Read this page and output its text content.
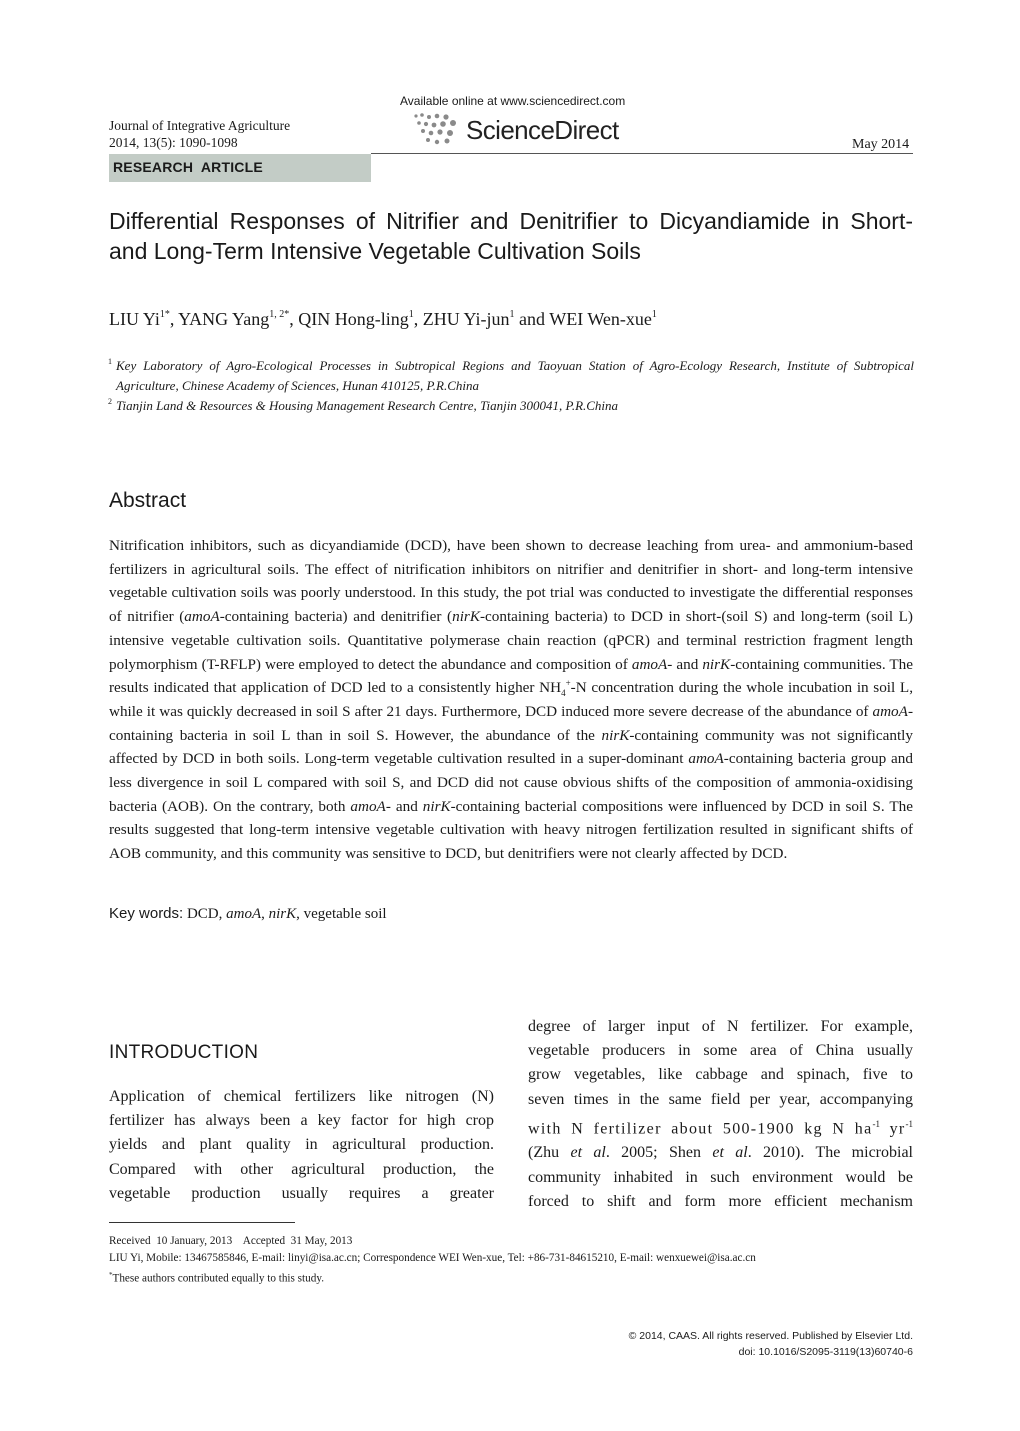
Journal of Integrative Agriculture
2014, 13(5): 1090-1098
Available online at www.sciencedirect.com
ScienceDirect	May 2014
RESEARCH  ARTICLE
Differential Responses of Nitrifier and Denitrifier to Dicyandiamide in Short- and Long-Term Intensive Vegetable Cultivation Soils
LIU $Yi^{1*}$, YANG Yang$^{1, 2*}$, QIN Hong-ling$^1$, ZHU Yi-jun$^1$ and WEI Wen-xue$^1$
1 Key Laboratory of Agro-Ecological Processes in Subtropical Regions and Taoyuan Station of Agro-Ecology Research, Institute of Subtropical
Agriculture, Chinese Academy of Sciences, Hunan 410125, P.R.China
2 Tianjin Land & Resources & Housing Management Research Centre, Tianjin 300041, P.R.China
Abstract
Nitrification inhibitors, such as dicyandiamide (DCD), have been shown to decrease leaching from urea- and ammonium-based fertilizers in agricultural soils. The effect of nitrification inhibitors on nitrifier and denitrifier in short- and long-term intensive vegetable cultivation soils was poorly understood. In this study, the pot trial was conducted to investigate the differential responses of nitrifier (amoA-containing bacteria) and denitrifier (nirK-containing bacteria) to DCD in short-(soil S) and long-term (soil L) intensive vegetable cultivation soils. Quantitative polymerase chain reaction (qPCR) and terminal restriction fragment length polymorphism (T-RFLP) were employed to detect the abundance and composition of amoA- and nirK-containing communities. The results indicated that application of DCD led to a consistently higher $NH_4^+-N$ concentration during the whole incubation in soil L, while it was quickly decreased in soil S after 21 days. Furthermore, DCD induced more severe decrease of the abundance of amoA-containing bacteria in soil L than in soil S. However, the abundance of the nirK-containing community was not significantly affected by DCD in both soils. Long-term vegetable cultivation resulted in a super-dominant amoA-containing bacteria group and less divergence in soil L compared with soil S, and DCD did not cause obvious shifts of the composition of ammonia-oxidising bacteria (AOB). On the contrary, both amoA- and nirK-containing bacterial compositions were influenced by DCD in soil S. The results suggested that long-term intensive vegetable cultivation with heavy nitrogen fertilization resulted in significant shifts of AOB community, and this community was sensitive to DCD, but denitrifiers were not clearly affected by DCD.
Key words: DCD, amoA, nirK, vegetable soil
INTRODUCTION
Application of chemical fertilizers like nitrogen (N)
fertilizer has always been a key factor for high crop
yields and plant quality in agricultural production.
Compared with other agricultural production, the
vegetable production usually requires a greater
degree of larger input of N fertilizer. For example,
vegetable producers in some area of China usually
grow vegetables, like cabbage and spinach, five to
seven times in the same field per year, accompanying
with N fertilizer about 500-1900 kg N $ha^{-1}$ $yr^{-1}$
(Zhu et al. 2005; Shen et al. 2010). The microbial
community inhabited in such environment would be
forced to shift and form more efficient mechanism
Received  10 January, 2013    Accepted  31 May, 2013
LIU Yi, Mobile: 13467585846, E-mail: linyi@isa.ac.cn; Correspondence WEI Wen-xue, Tel: +86-731-84615210, E-mail: wenxuewei@isa.ac.cn
*These authors contributed equally to this study.
© 2014, CAAS. All rights reserved. Published by Elsevier Ltd.
doi: 10.1016/S2095-3119(13)60740-6
